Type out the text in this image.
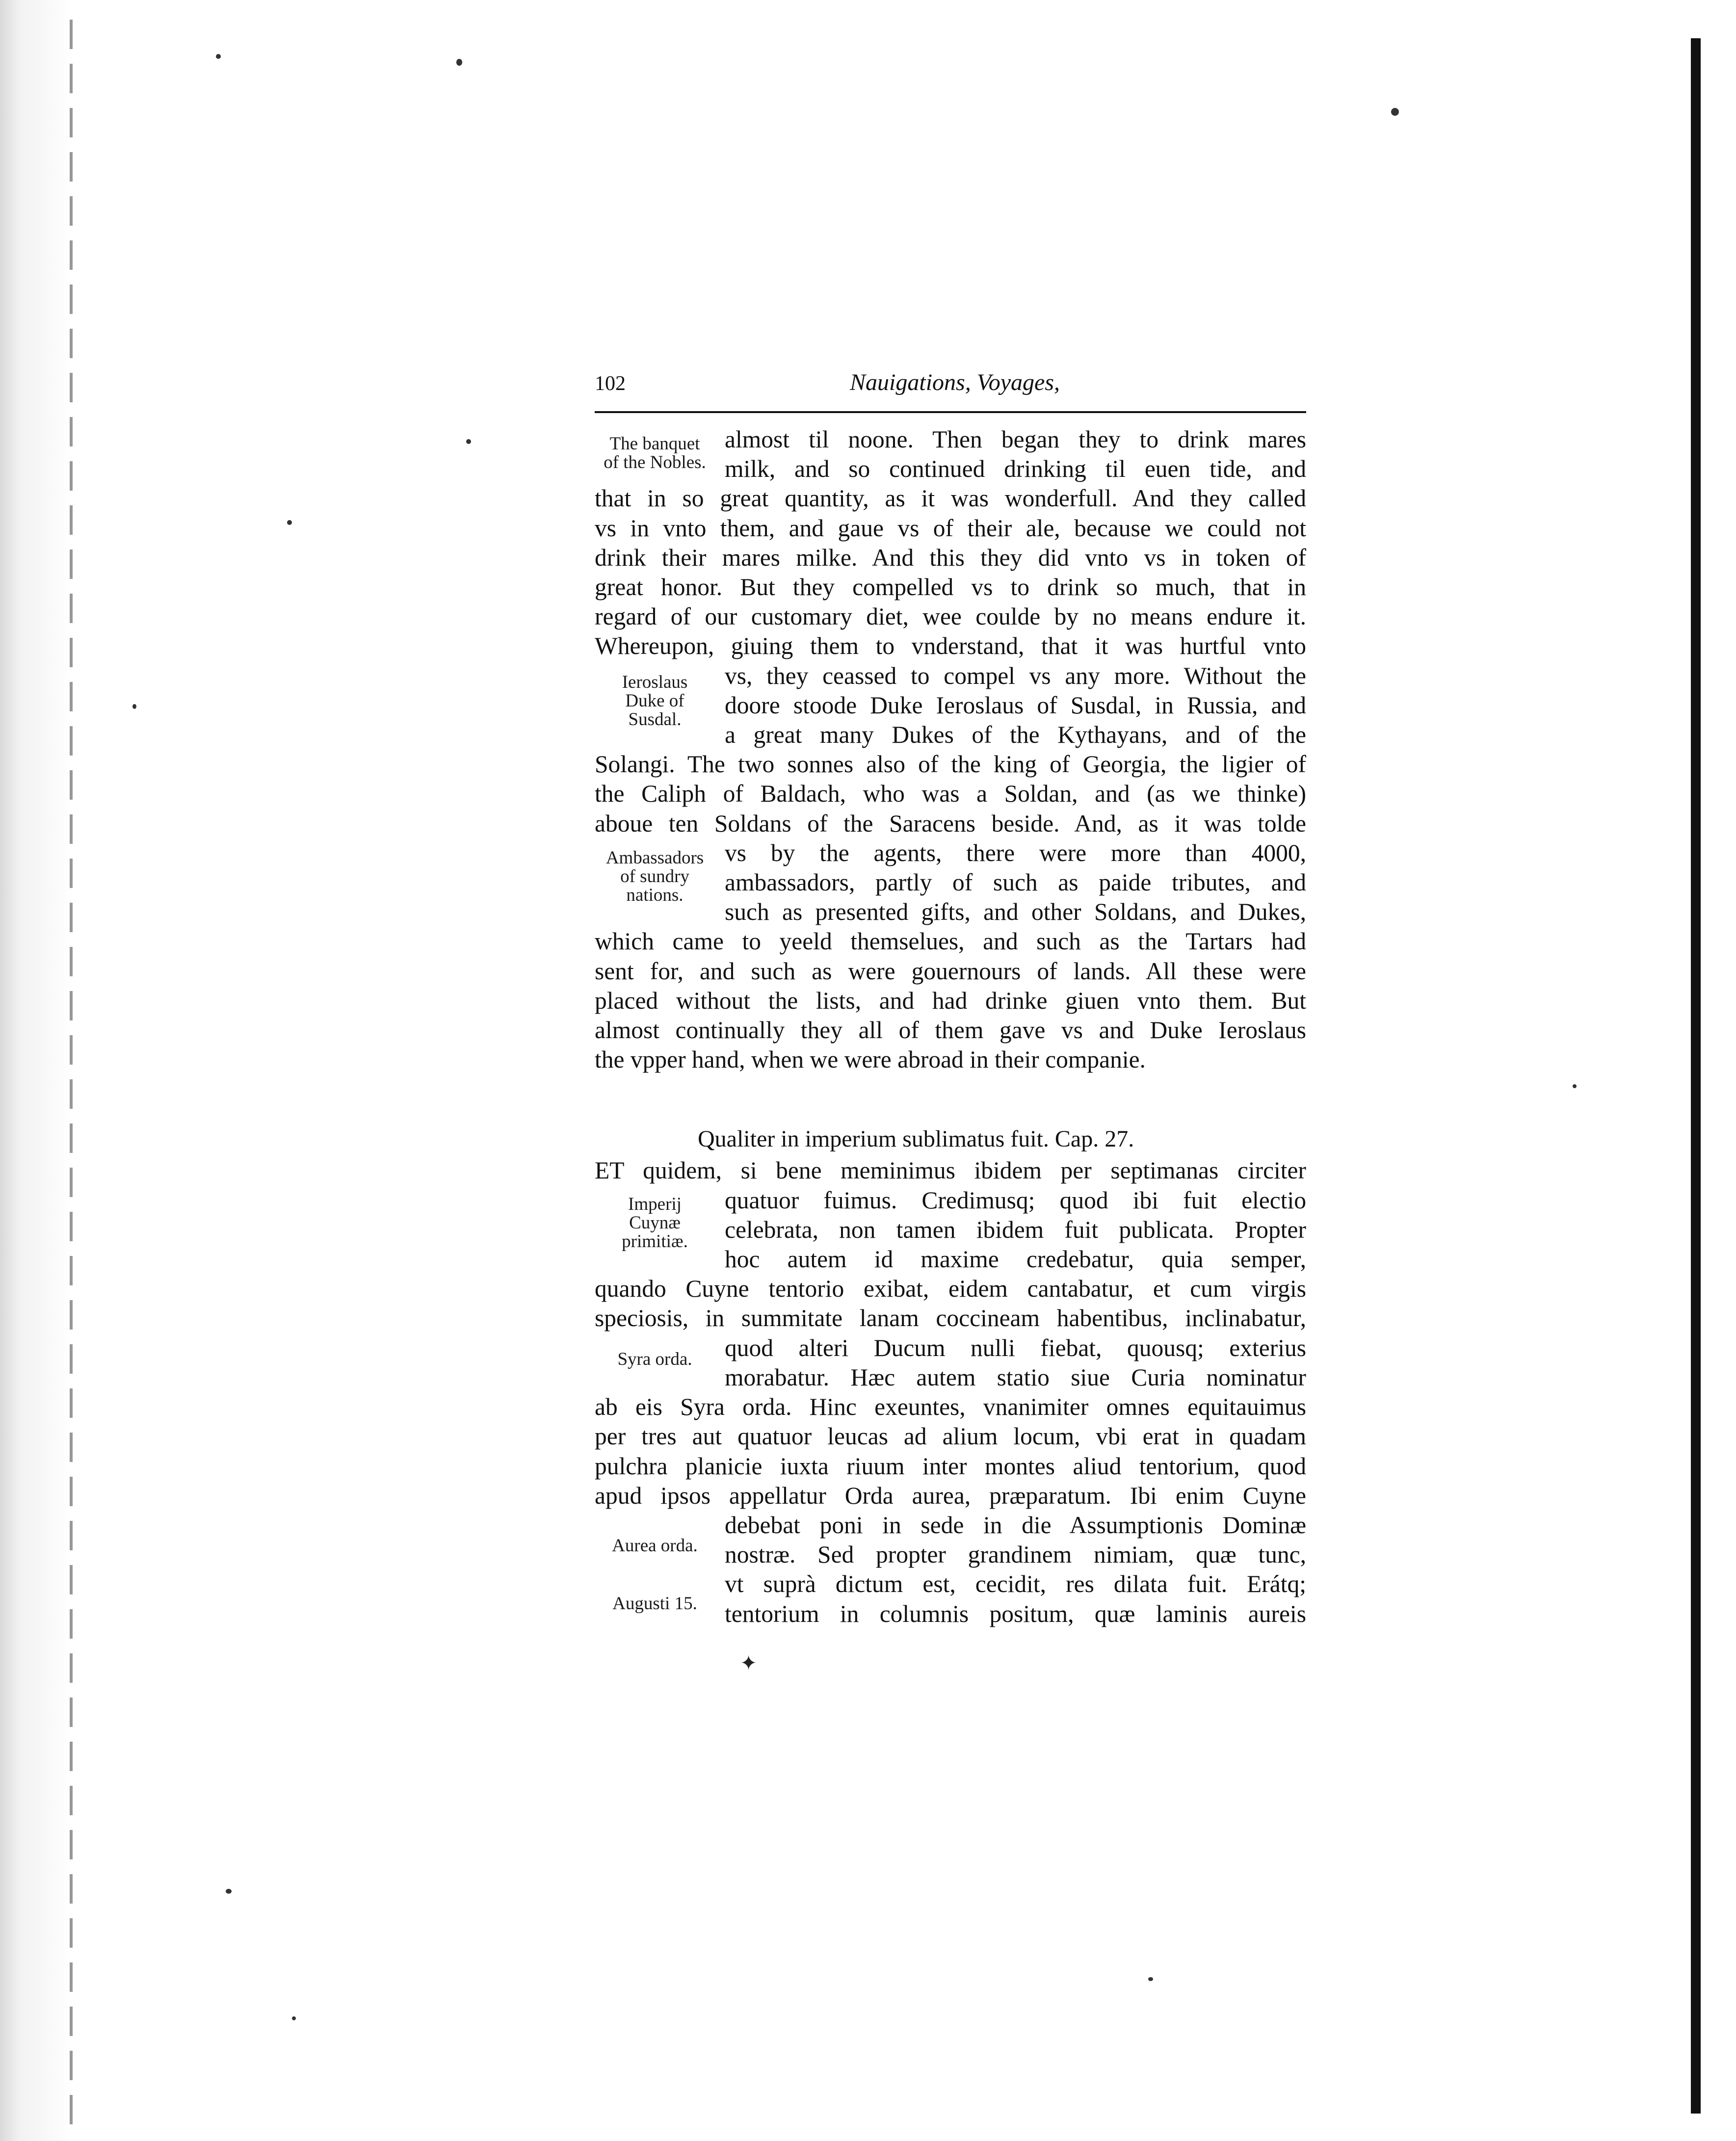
102	Nauigations, Voyages,

almost til noone. Then began they to drink mares

milk, and so continued drinking til euen tide, and

that in so great quantity, as it was wonderfull. And they called

vs in vnto them, and gaue vs of their ale, because we could not

drink their mares milke. And this they did vnto vs in token of

great honor. But they compelled vs to drink so much, that in

regard of our customary diet, wee coulde by no means endure it.

Whereupon, giuing them to vnderstand, that it was hurtful vnto

vs, they ceassed to compel vs any more. Without the

doore stoode Duke Ieroslaus of Susdal, in Russia, and

a great many Dukes of the Kythayans, and of the

Solangi. The two sonnes also of the king of Georgia, the ligier of

the Caliph of Baldach, who was a Soldan, and (as we thinke)

aboue ten Soldans of the Saracens beside. And, as it was tolde

vs by the agents, there were more than 4000,

ambassadors, partly of such as paide tributes, and

such as presented gifts, and other Soldans, and Dukes,

which came to yeeld themselues, and such as the Tartars had

sent for, and such as were gouernours of lands. All these were

placed without the lists, and had drinke giuen vnto them. But

almost continually they all of them gave vs and Duke Ieroslaus

the vpper hand, when we were abroad in their companie.

Qualiter in imperium sublimatus fuit. Cap. 27.

ET quidem, si bene meminimus ibidem per septimanas circiter

quatuor fuimus. Credimusq; quod ibi fuit electio

celebrata, non tamen ibidem fuit publicata. Propter

hoc autem id maxime credebatur, quia semper,

quando Cuyne tentorio exibat, eidem cantabatur, et cum virgis

speciosis, in summitate lanam coccineam habentibus, inclinabatur,

quod alteri Ducum nulli fiebat, quousq; exterius

morabatur. Hæc autem statio siue Curia nominatur

ab eis Syra orda. Hinc exeuntes, vnanimiter omnes equitauimus

per tres aut quatuor leucas ad alium locum, vbi erat in quadam

pulchra planicie iuxta riuum inter montes aliud tentorium, quod

apud ipsos appellatur Orda aurea, præparatum. Ibi enim Cuyne

debebat poni in sede in die Assumptionis Dominæ

nostræ. Sed propter grandinem nimiam, quæ tunc,

vt suprà dictum est, cecidit, res dilata fuit. Erátq;

tentorium in columnis positum, quæ laminis aureis

The banquet
of the Nobles.
Ieroslaus
Duke of
Susdal.
Ambassadors
of sundry
nations.
Imperij
Cuynæ
primitiæ.
Syra orda.
Aurea orda.
Augusti 15.
✦
